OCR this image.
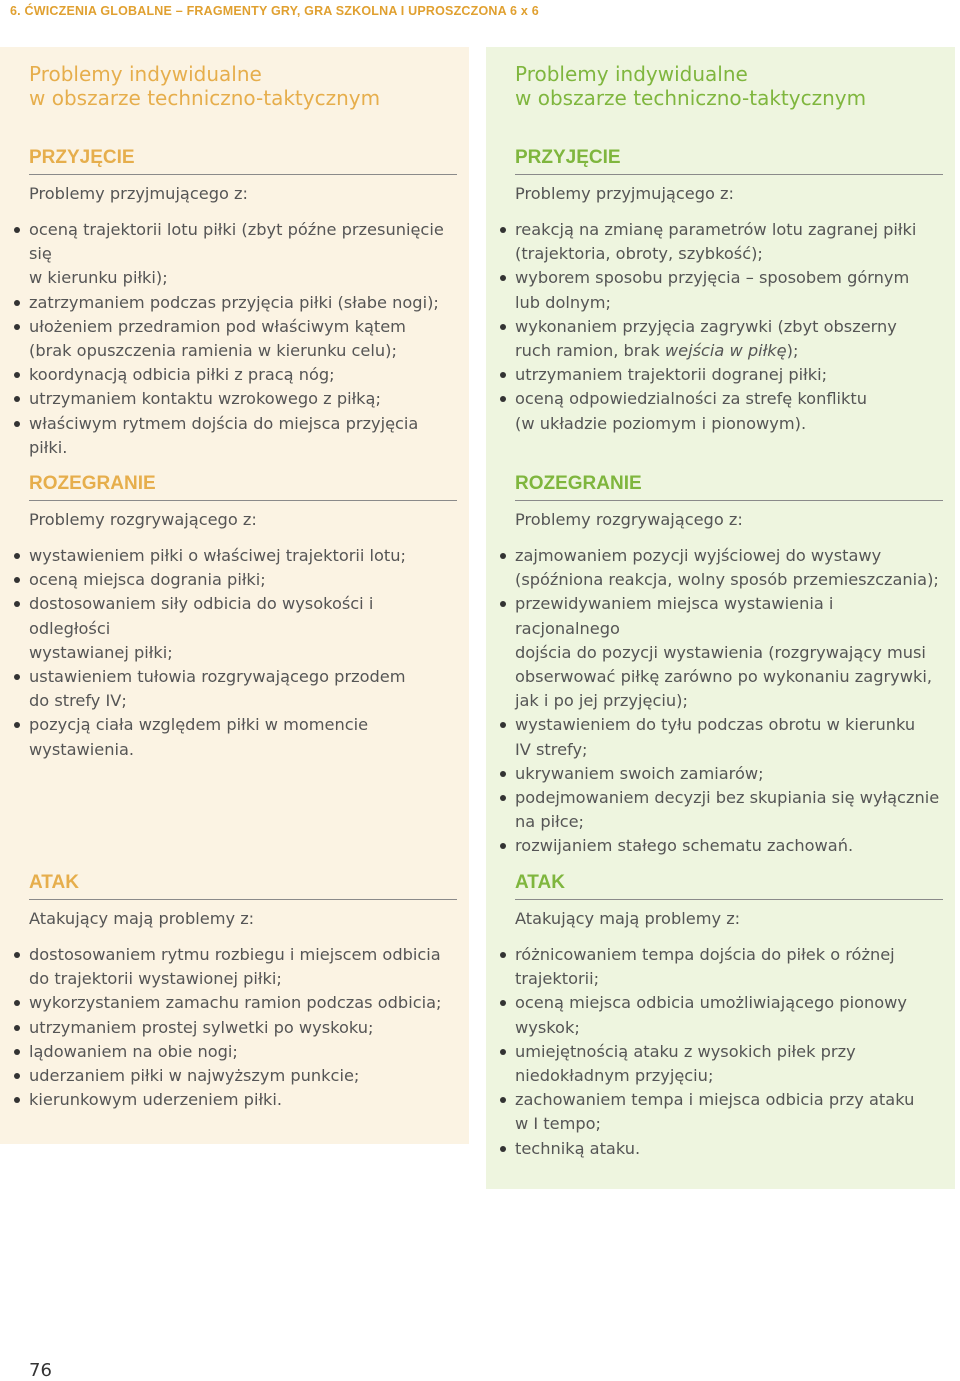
6. ĆWICZENIA GLOBALNE – FRAGMENTY GRY, GRA SZKOLNA I UPROSZCZONA 6 x 6
Problemy indywidualne
w obszarze techniczno-taktycznym
PRZYJĘCIE
Problemy przyjmującego z:
oceną trajektorii lotu piłki (zbyt późne przesunięcie się
w kierunku piłki);
zatrzymaniem podczas przyjęcia piłki (słabe nogi);
ułożeniem przedramion pod właściwym kątem
(brak opuszczenia ramienia w kierunku celu);
koordynacją odbicia piłki z pracą nóg;
utrzymaniem kontaktu wzrokowego z piłką;
właściwym rytmem dojścia do miejsca przyjęcia piłki.
ROZEGRANIE
Problemy rozgrywającego z:
wystawieniem piłki o właściwej trajektorii lotu;
oceną miejsca dogrania piłki;
dostosowaniem siły odbicia do wysokości i odległości
wystawianej piłki;
ustawieniem tułowia rozgrywającego przodem
do strefy IV;
pozycją ciała względem piłki w momencie wystawienia.
ATAK
Atakujący mają problemy z:
dostosowaniem rytmu rozbiegu i miejscem odbicia
do trajektorii wystawionej piłki;
wykorzystaniem zamachu ramion podczas odbicia;
utrzymaniem prostej sylwetki po wyskoku;
lądowaniem na obie nogi;
uderzaniem piłki w najwyższym punkcie;
kierunkowym uderzeniem piłki.
Problemy indywidualne
w obszarze techniczno-taktycznym
PRZYJĘCIE
Problemy przyjmującego z:
reakcją na zmianę parametrów lotu zagranej piłki
(trajektoria, obroty, szybkość);
wyborem sposobu przyjęcia – sposobem górnym
lub dolnym;
wykonaniem przyjęcia zagrywki (zbyt obszerny
ruch ramion, brak wejścia w piłkę);
utrzymaniem trajektorii dogranej piłki;
oceną odpowiedzialności za strefę konfliktu
(w układzie poziomym i pionowym).
ROZEGRANIE
Problemy rozgrywającego z:
zajmowaniem pozycji wyjściowej do wystawy
(spóźniona reakcja, wolny sposób przemieszczania);
przewidywaniem miejsca wystawienia i racjonalnego
dojścia do pozycji wystawienia (rozgrywający musi
obserwować piłkę zarówno po wykonaniu zagrywki,
jak i po jej przyjęciu);
wystawieniem do tyłu podczas obrotu w kierunku
IV strefy;
ukrywaniem swoich zamiarów;
podejmowaniem decyzji bez skupiania się wyłącznie
na piłce;
rozwijaniem stałego schematu zachowań.
ATAK
Atakujący mają problemy z:
różnicowaniem tempa dojścia do piłek o różnej
trajektorii;
oceną miejsca odbicia umożliwiającego pionowy
wyskok;
umiejętnością ataku z wysokich piłek przy
niedokładnym przyjęciu;
zachowaniem tempa i miejsca odbicia przy ataku
w I tempo;
techniką ataku.
76
